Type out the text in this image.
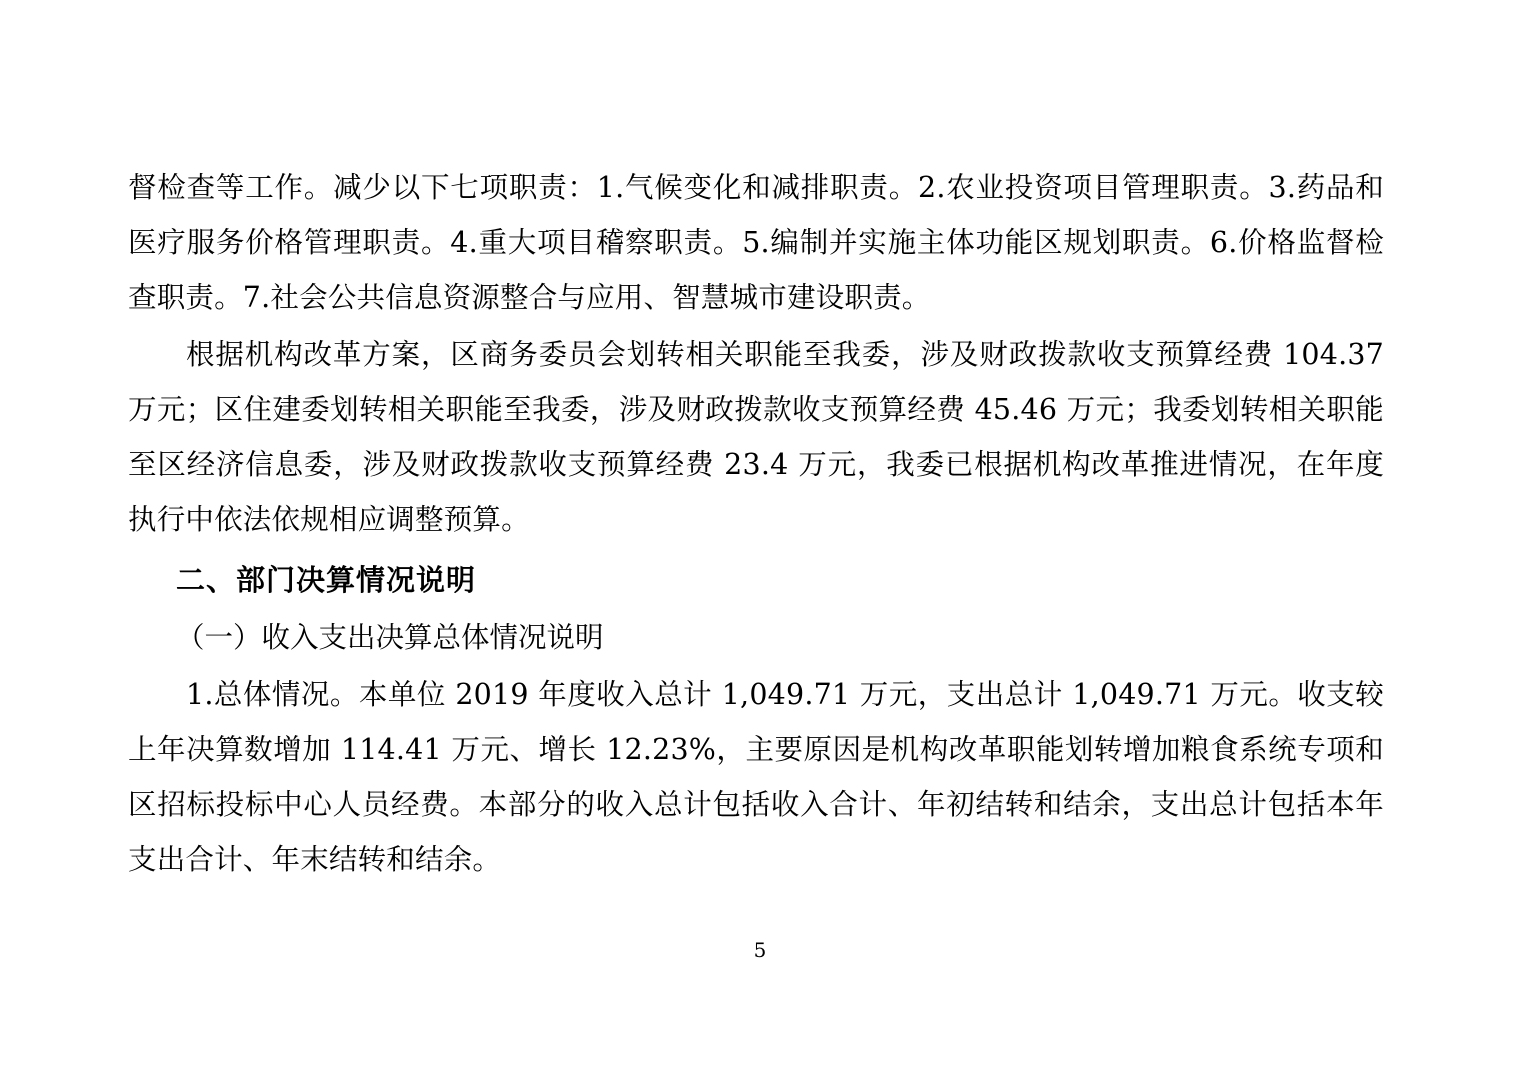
督检查等工作。减少以下七项职责：1.气候变化和减排职责。2.农业投资项目管理职责。3.药品和医疗服务价格管理职责。4.重大项目稽察职责。5.编制并实施主体功能区规划职责。6.价格监督检查职责。7.社会公共信息资源整合与应用、智慧城市建设职责。

根据机构改革方案，区商务委员会划转相关职能至我委，涉及财政拨款收支预算经费 104.37 万元；区住建委划转相关职能至我委，涉及财政拨款收支预算经费 45.46 万元；我委划转相关职能至区经济信息委，涉及财政拨款收支预算经费 23.4 万元，我委已根据机构改革推进情况，在年度执行中依法依规相应调整预算。

二、部门决算情况说明

（一）收入支出决算总体情况说明

1.总体情况。本单位 2019 年度收入总计 1,049.71 万元，支出总计 1,049.71 万元。收支较上年决算数增加 114.41 万元、增长 12.23%，主要原因是机构改革职能划转增加粮食系统专项和区招标投标中心人员经费。本部分的收入总计包括收入合计、年初结转和结余，支出总计包括本年支出合计、年末结转和结余。

5
